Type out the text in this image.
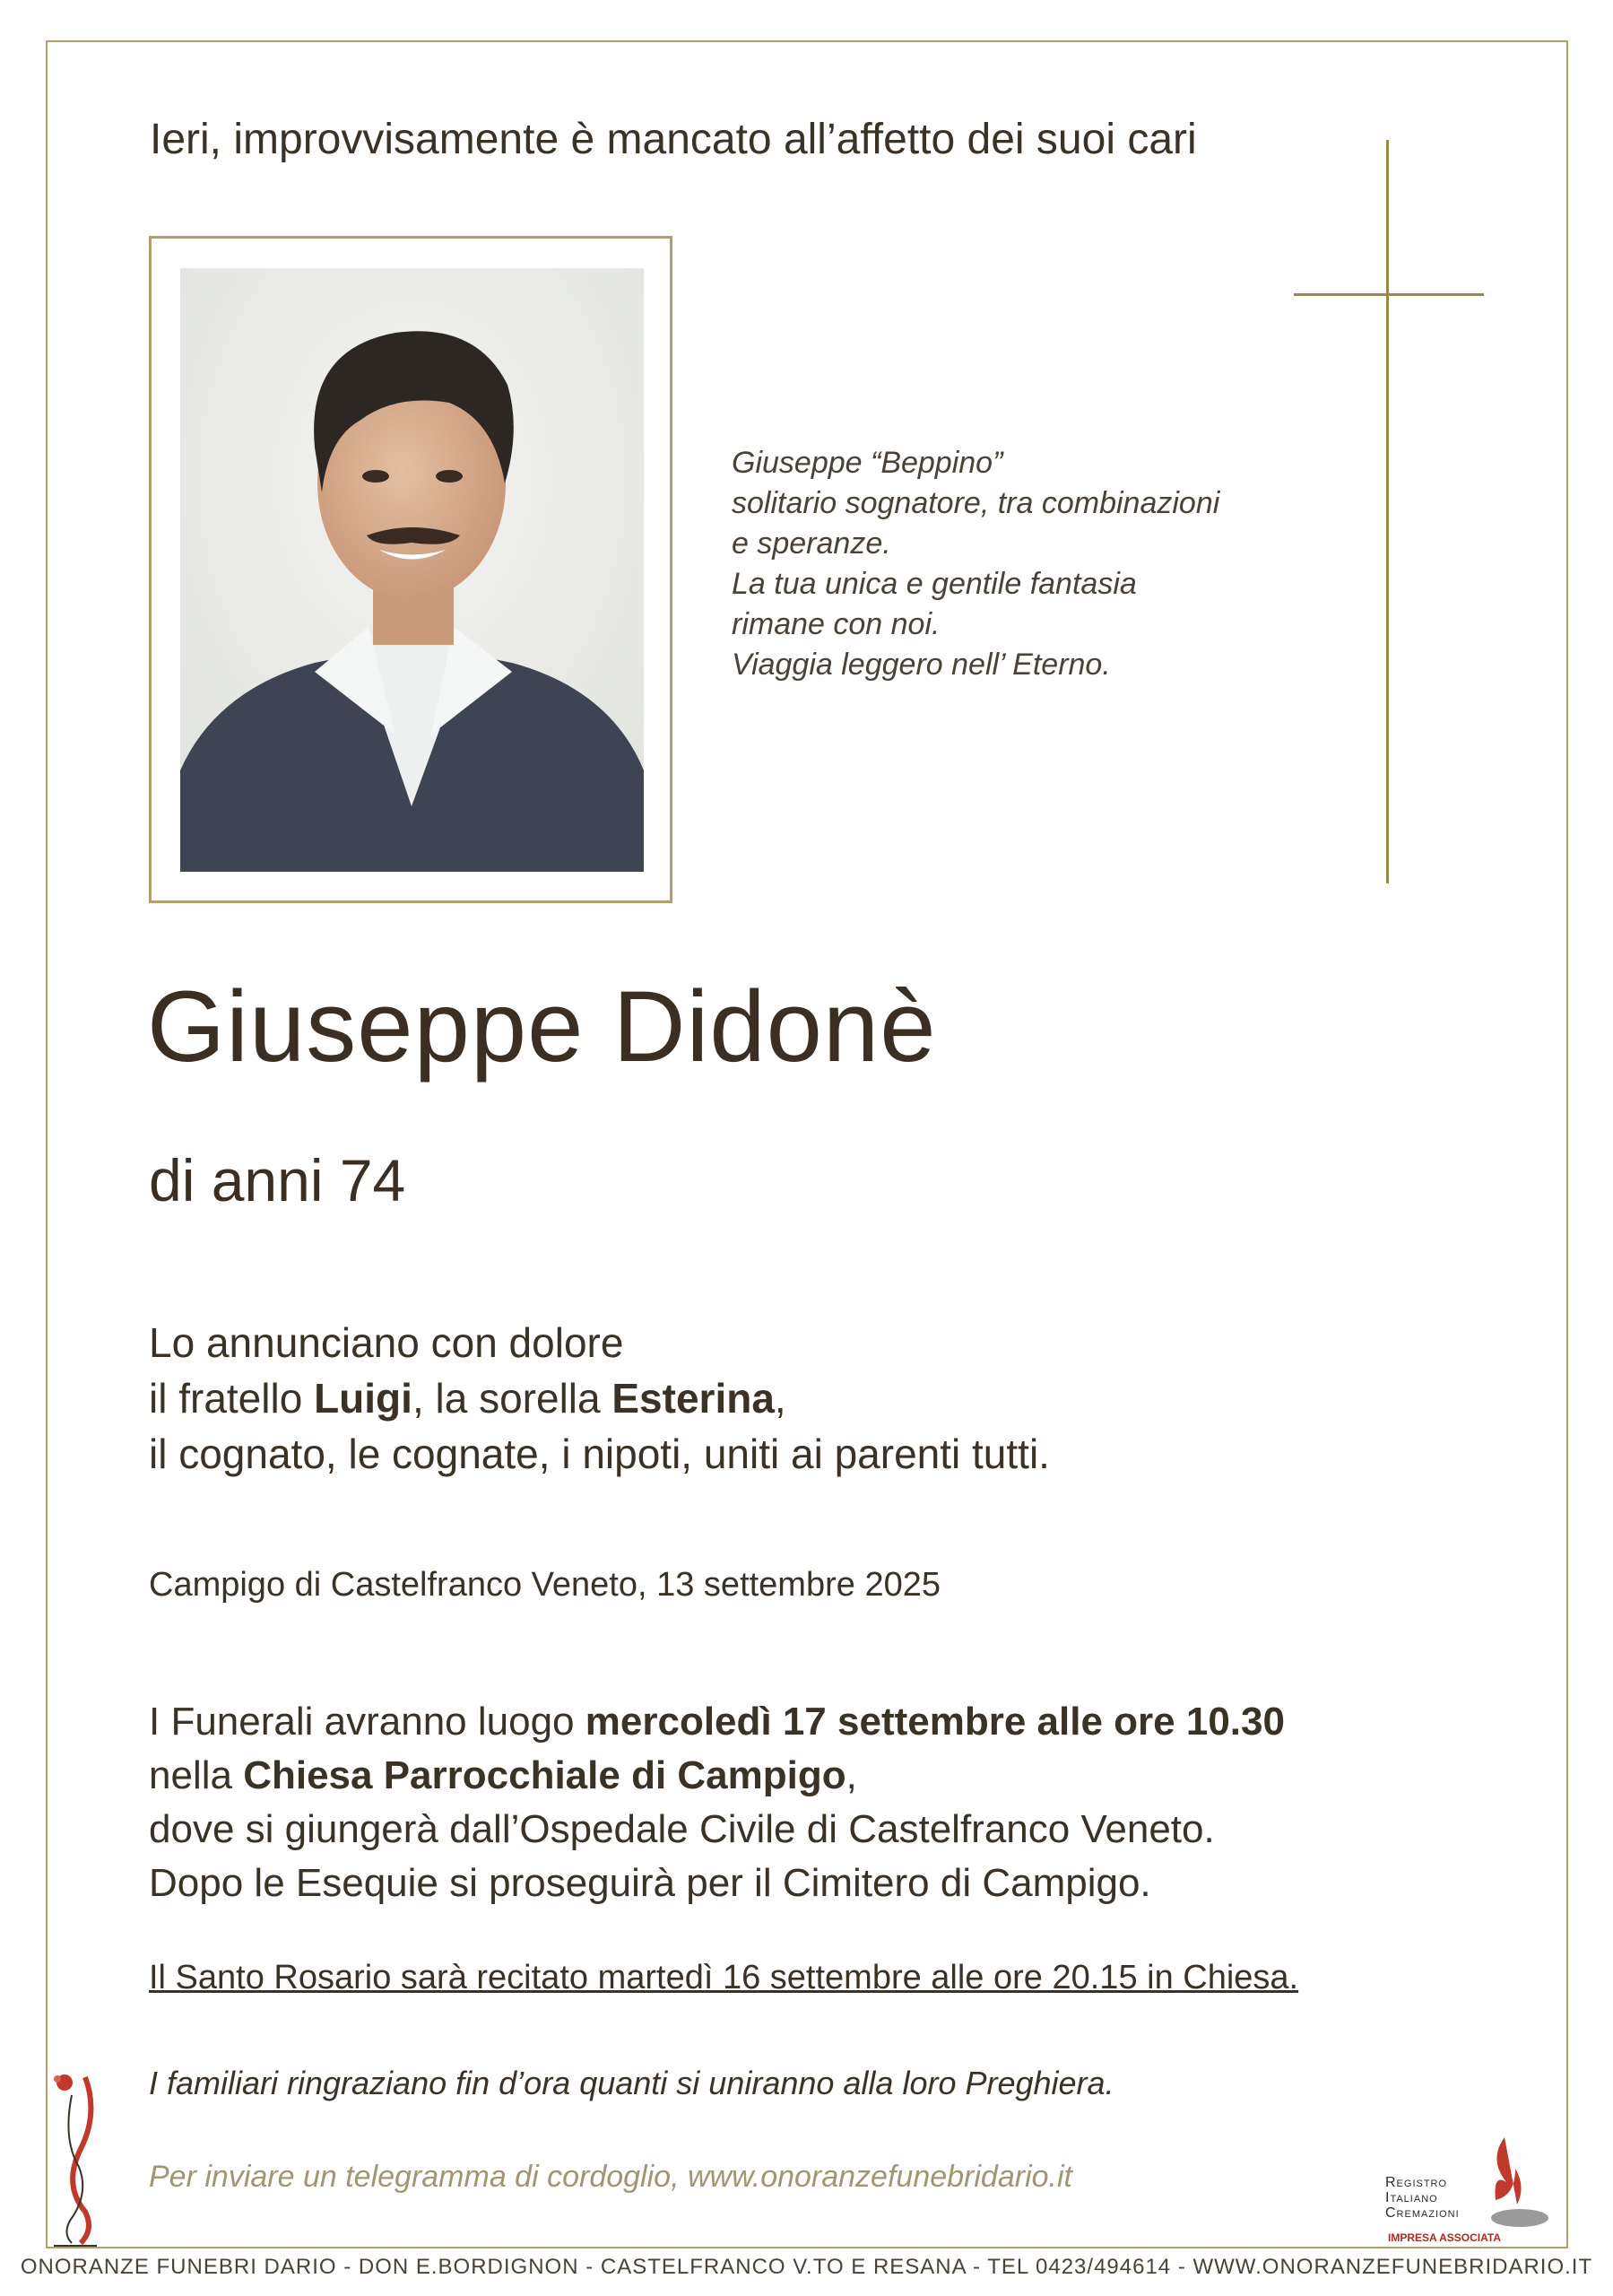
Ieri, improvvisamente è mancato all’affetto dei suoi cari
Giuseppe “Beppino”
solitario sognatore, tra combinazioni
e speranze.
La tua unica e gentile fantasia
rimane con noi.
Viaggia leggero nell’ Eterno.
Giuseppe Didonè
di anni 74
Lo annunciano con dolore
il fratello Luigi, la sorella Esterina,
il cognato, le cognate, i nipoti, uniti ai parenti tutti.
Campigo di Castelfranco Veneto, 13 settembre 2025
I Funerali avranno luogo mercoledì 17 settembre alle ore 10.30
nella Chiesa Parrocchiale di Campigo,
dove si giungerà dall’Ospedale Civile di Castelfranco Veneto.
Dopo le Esequie si proseguirà per il Cimitero di Campigo.
Il Santo Rosario sarà recitato martedì 16 settembre alle ore 20.15 in Chiesa.
I familiari ringraziano fin d’ora quanti si uniranno alla loro Preghiera.
Per inviare un telegramma di cordoglio, www.onoranzefunebridario.it	Registro
Italiano
Cremazioni
IMPRESA ASSOCIATA
ONORANZE FUNEBRI DARIO - DON E.BORDIGNON - CASTELFRANCO V.TO E RESANA - TEL 0423/494614 - WWW.ONORANZEFUNEBRIDARIO.IT
